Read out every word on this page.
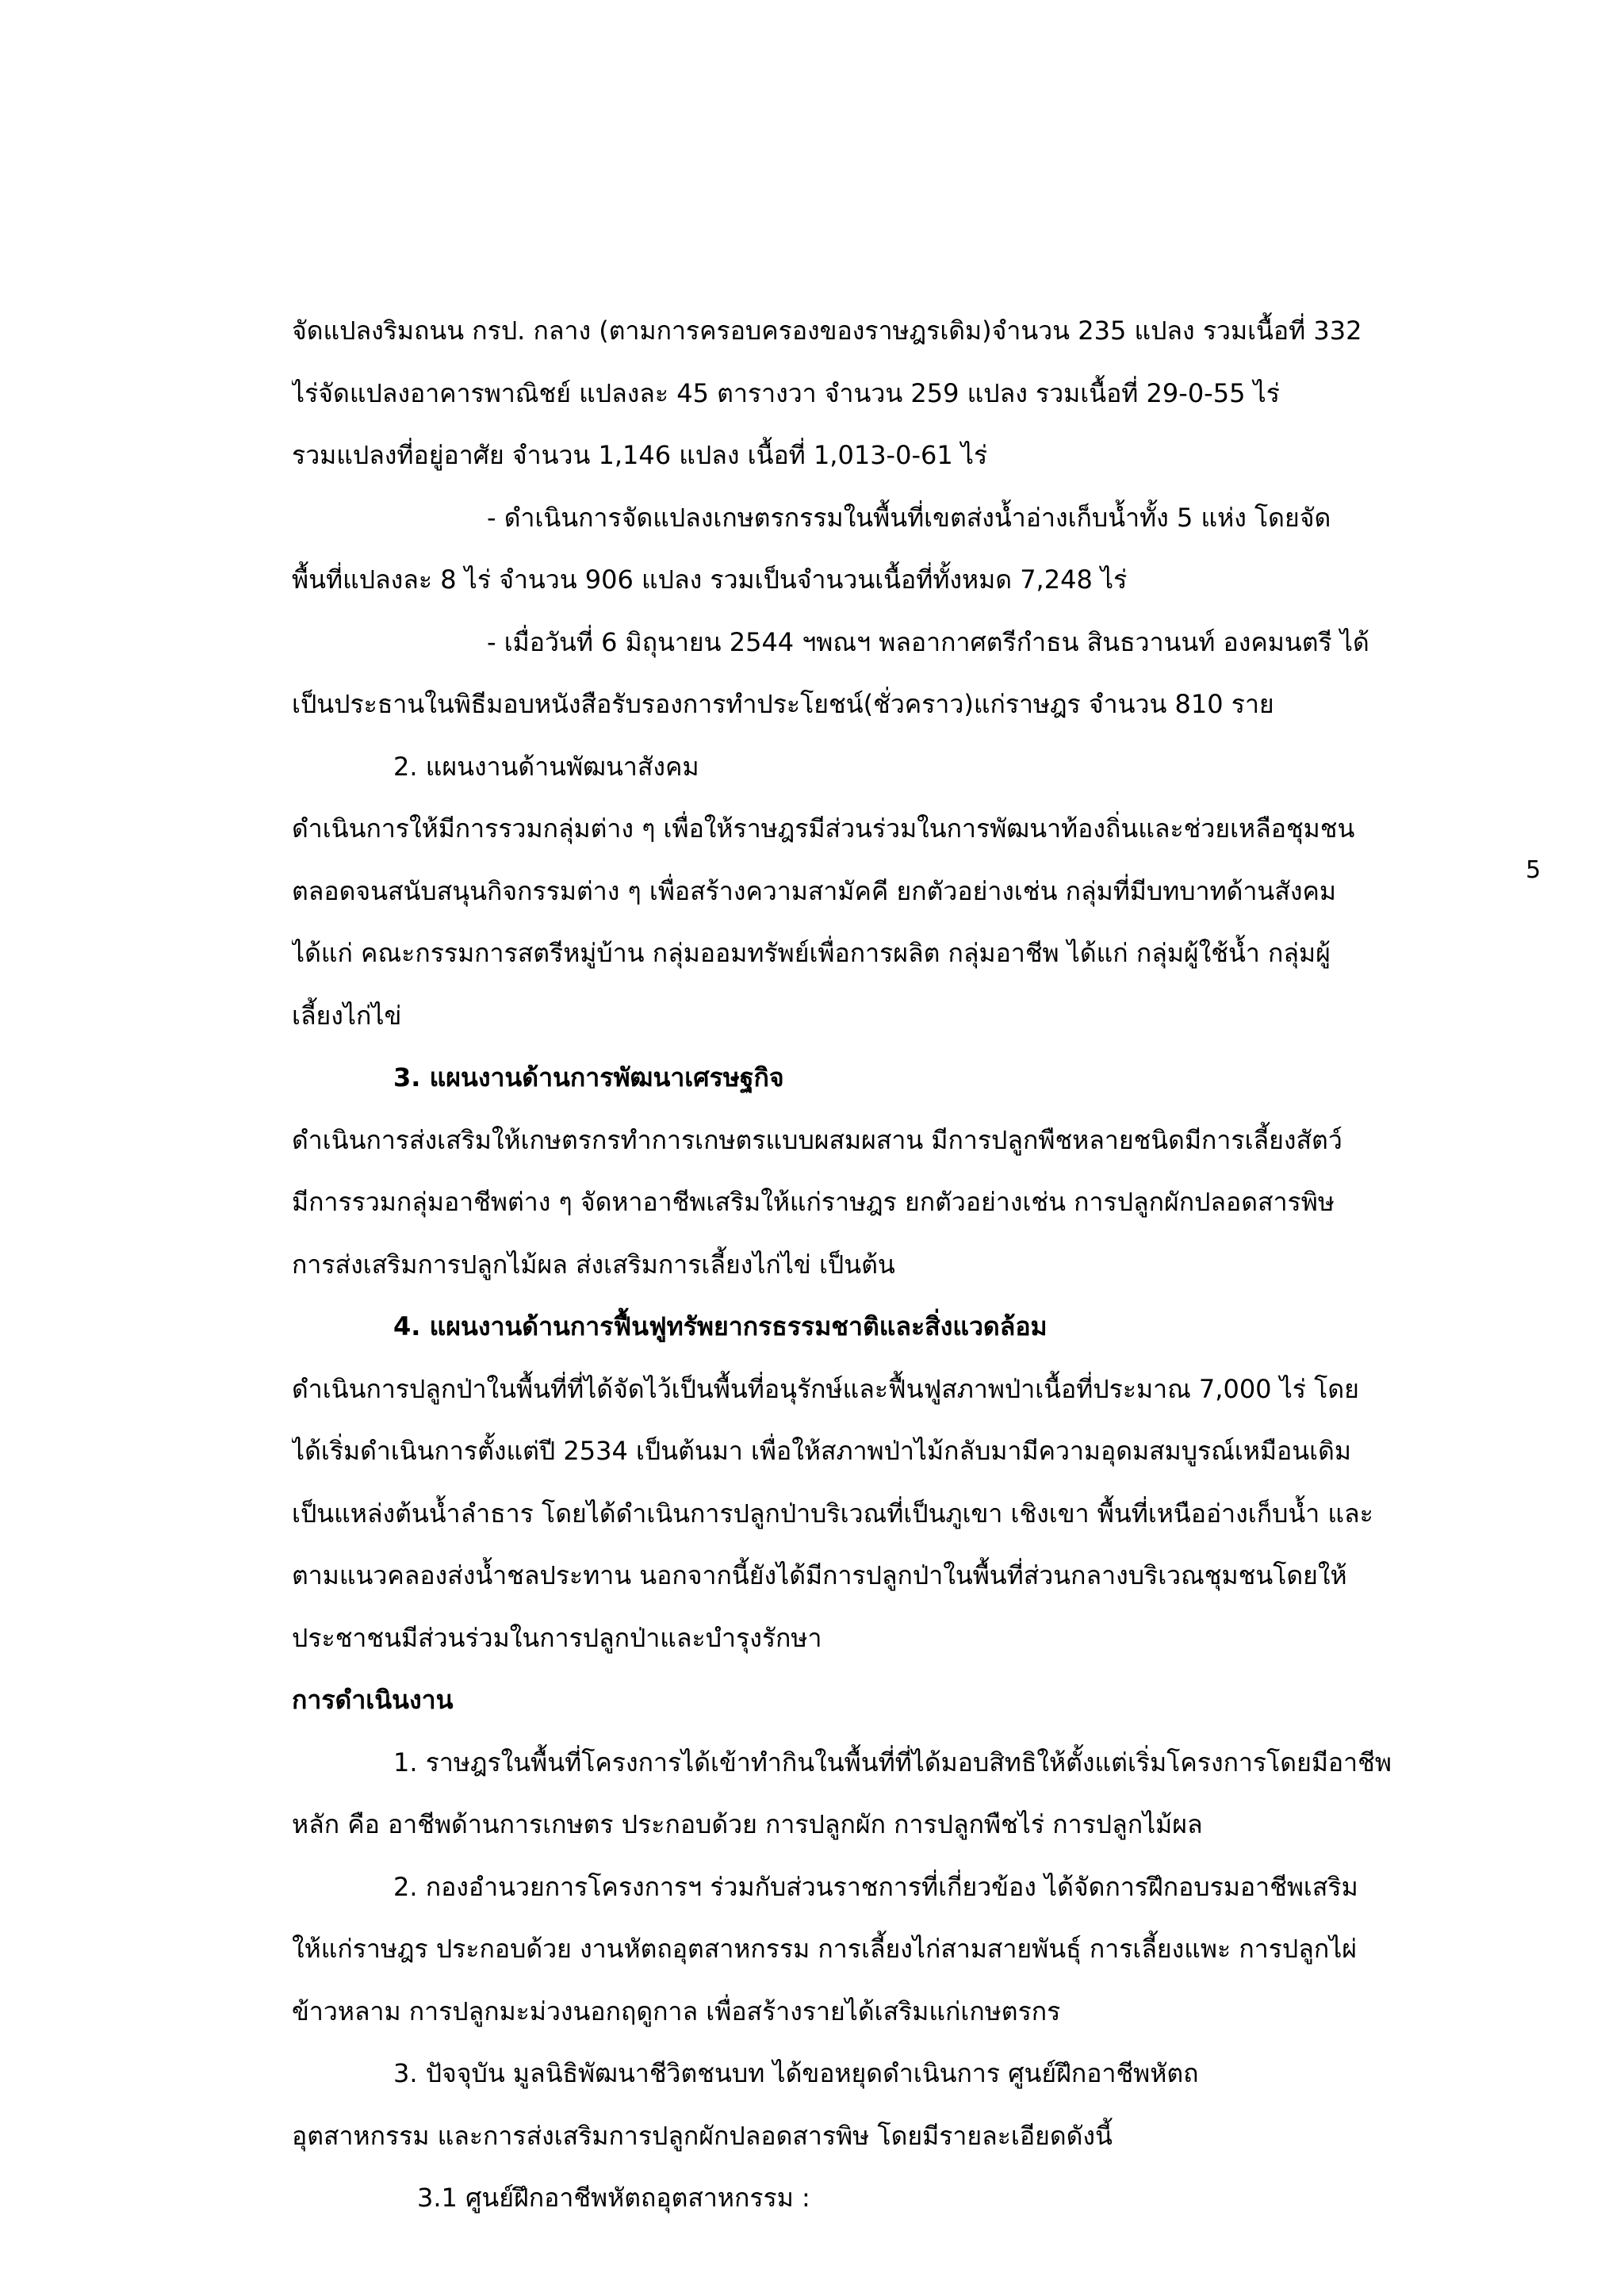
5
จัดแปลงริมถนน กรป. กลาง (ตามการครอบครองของราษฎรเดิม)จำนวน 235 แปลง รวมเนื้อที่ 332
ไร่จัดแปลงอาคารพาณิชย์ แปลงละ 45 ตารางวา จำนวน 259 แปลง รวมเนื้อที่ 29-0-55 ไร่
รวมแปลงที่อยู่อาศัย จำนวน 1,146 แปลง เนื้อที่ 1,013-0-61 ไร่
- ดำเนินการจัดแปลงเกษตรกรรมในพื้นที่เขตส่งน้ำอ่างเก็บน้ำทั้ง 5 แห่ง โดยจัด
พื้นที่แปลงละ 8 ไร่ จำนวน 906 แปลง รวมเป็นจำนวนเนื้อที่ทั้งหมด 7,248 ไร่
- เมื่อวันที่ 6 มิถุนายน 2544 ฯพณฯ พลอากาศตรีกำธน สินธวานนท์ องคมนตรี ได้
เป็นประธานในพิธีมอบหนังสือรับรองการทำประโยชน์(ชั่วคราว)แก่ราษฎร จำนวน 810 ราย
2. แผนงานด้านพัฒนาสังคม
ดำเนินการให้มีการรวมกลุ่มต่าง ๆ เพื่อให้ราษฎรมีส่วนร่วมในการพัฒนาท้องถิ่นและช่วยเหลือชุมชน
ตลอดจนสนับสนุนกิจกรรมต่าง ๆ เพื่อสร้างความสามัคคี ยกตัวอย่างเช่น กลุ่มที่มีบทบาทด้านสังคม
ได้แก่ คณะกรรมการสตรีหมู่บ้าน กลุ่มออมทรัพย์เพื่อการผลิต กลุ่มอาชีพ ได้แก่ กลุ่มผู้ใช้น้ำ กลุ่มผู้
เลี้ยงไก่ไข่
3. แผนงานด้านการพัฒนาเศรษฐกิจ
ดำเนินการส่งเสริมให้เกษตรกรทำการเกษตรแบบผสมผสาน มีการปลูกพืชหลายชนิดมีการเลี้ยงสัตว์
มีการรวมกลุ่มอาชีพต่าง ๆ จัดหาอาชีพเสริมให้แก่ราษฎร ยกตัวอย่างเช่น การปลูกผักปลอดสารพิษ
การส่งเสริมการปลูกไม้ผล ส่งเสริมการเลี้ยงไก่ไข่ เป็นต้น
4. แผนงานด้านการฟื้นฟูทรัพยากรธรรมชาติและสิ่งแวดล้อม
ดำเนินการปลูกป่าในพื้นที่ที่ได้จัดไว้เป็นพื้นที่อนุรักษ์และฟื้นฟูสภาพป่าเนื้อที่ประมาณ 7,000 ไร่ โดย
ได้เริ่มดำเนินการตั้งแต่ปี 2534 เป็นต้นมา เพื่อให้สภาพป่าไม้กลับมามีความอุดมสมบูรณ์เหมือนเดิม
เป็นแหล่งต้นน้ำลำธาร โดยได้ดำเนินการปลูกป่าบริเวณที่เป็นภูเขา เชิงเขา พื้นที่เหนืออ่างเก็บน้ำ และ
ตามแนวคลองส่งน้ำชลประทาน นอกจากนี้ยังได้มีการปลูกป่าในพื้นที่ส่วนกลางบริเวณชุมชนโดยให้
ประชาชนมีส่วนร่วมในการปลูกป่าและบำรุงรักษา
การดำเนินงาน
1. ราษฎรในพื้นที่โครงการได้เข้าทำกินในพื้นที่ที่ได้มอบสิทธิให้ตั้งแต่เริ่มโครงการโดยมีอาชีพ
หลัก คือ อาชีพด้านการเกษตร ประกอบด้วย การปลูกผัก การปลูกพืชไร่ การปลูกไม้ผล
2. กองอำนวยการโครงการฯ ร่วมกับส่วนราชการที่เกี่ยวข้อง ได้จัดการฝึกอบรมอาชีพเสริม
ให้แก่ราษฎร ประกอบด้วย งานหัตถอุตสาหกรรม การเลี้ยงไก่สามสายพันธุ์ การเลี้ยงแพะ การปลูกไผ่
ข้าวหลาม การปลูกมะม่วงนอกฤดูกาล เพื่อสร้างรายได้เสริมแก่เกษตรกร
3. ปัจจุบัน มูลนิธิพัฒนาชีวิตชนบท ได้ขอหยุดดำเนินการ ศูนย์ฝึกอาชีพหัตถ
อุตสาหกรรม และการส่งเสริมการปลูกผักปลอดสารพิษ โดยมีรายละเอียดดังนี้
3.1 ศูนย์ฝึกอาชีพหัตถอุตสาหกรรม :
